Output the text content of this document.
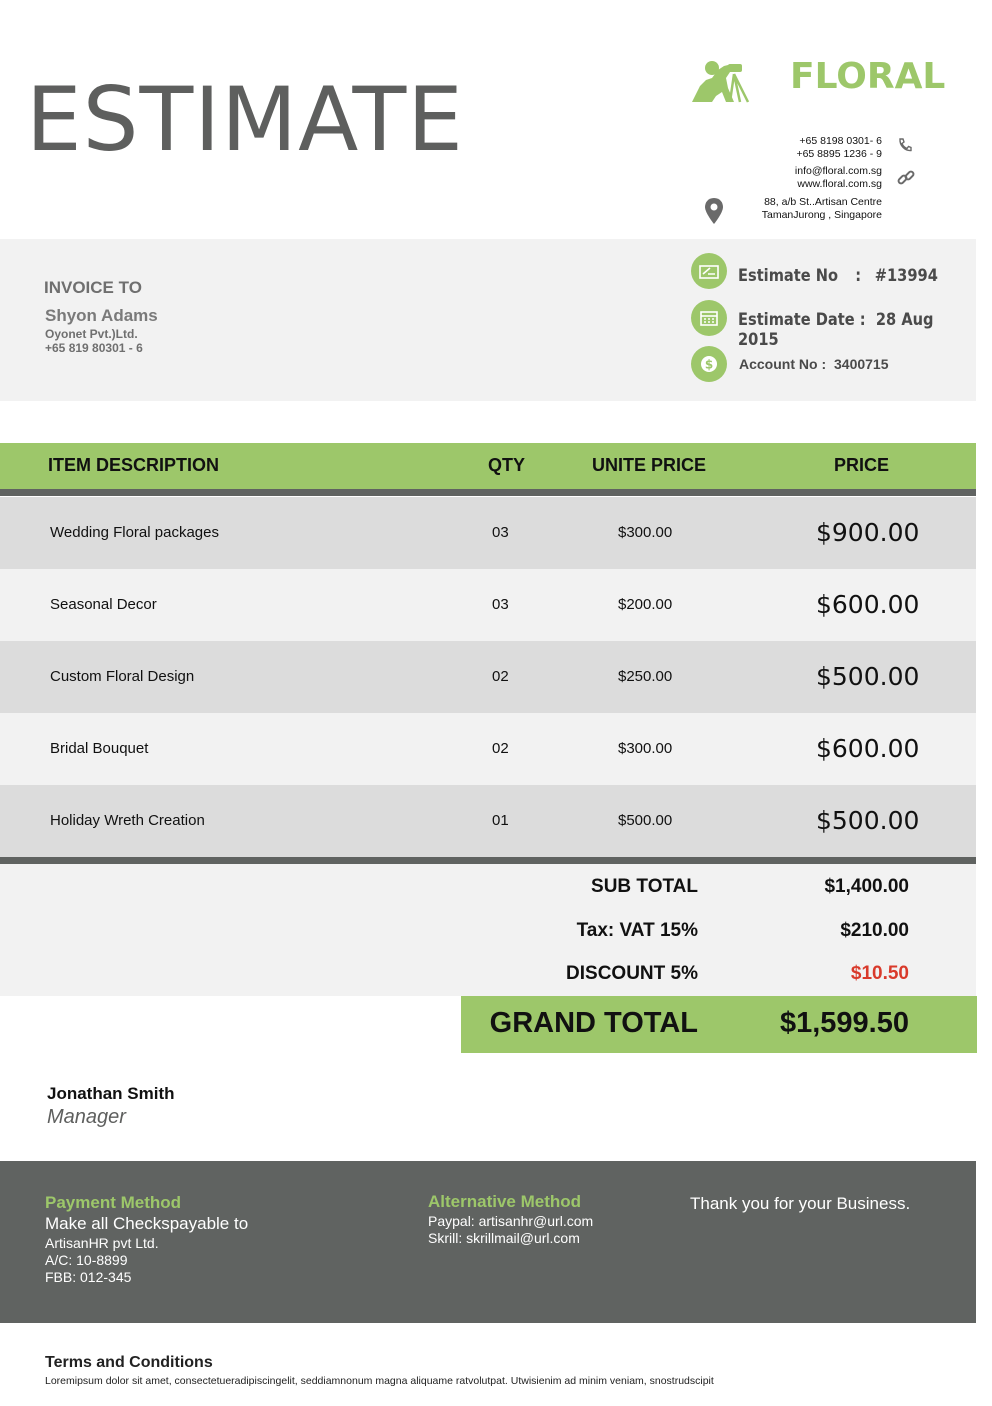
ESTIMATE	FLORAL
+65 8198 0301- 6
+65 8895 1236 - 9
info@floral.com.sg
www.floral.com.sg
88, a/b St..Artisan Centre
TamanJurong , Singapore
INVOICE TO
Shyon Adams
Oyonet Pvt.)Ltd.
+65 819 80301 - 6
Estimate No : #13994
Estimate Date : 28 Aug 2015
$ Account No : 3400715
ITEM DESCRIPTION	QTY	UNITE PRICE	PRICE
Wedding Floral packages	03	$300.00	$900.00
Seasonal Decor	03	$200.00	$600.00
Custom Floral Design	02	$250.00	$500.00
Bridal Bouquet	02	$300.00	$600.00
Holiday Wreth Creation	01	$500.00	$500.00
SUB TOTAL	$1,400.00
Tax: VAT 15%	$210.00
DISCOUNT 5%	$10.50
GRAND TOTAL	$1,599.50
Jonathan Smith
Manager
Payment Method
Make all Checkspayable to
ArtisanHR pvt Ltd.
A/C: 10-8899
FBB: 012-345
Alternative Method
Paypal: artisanhr@url.com
Skrill: skrillmail@url.com
Thank you for your Business.
Terms and Conditions
Loremipsum dolor sit amet, consectetueradipiscingelit, seddiamnonum magna aliquame ratvolutpat. Utwisienim ad minim veniam, snostrudscipit
